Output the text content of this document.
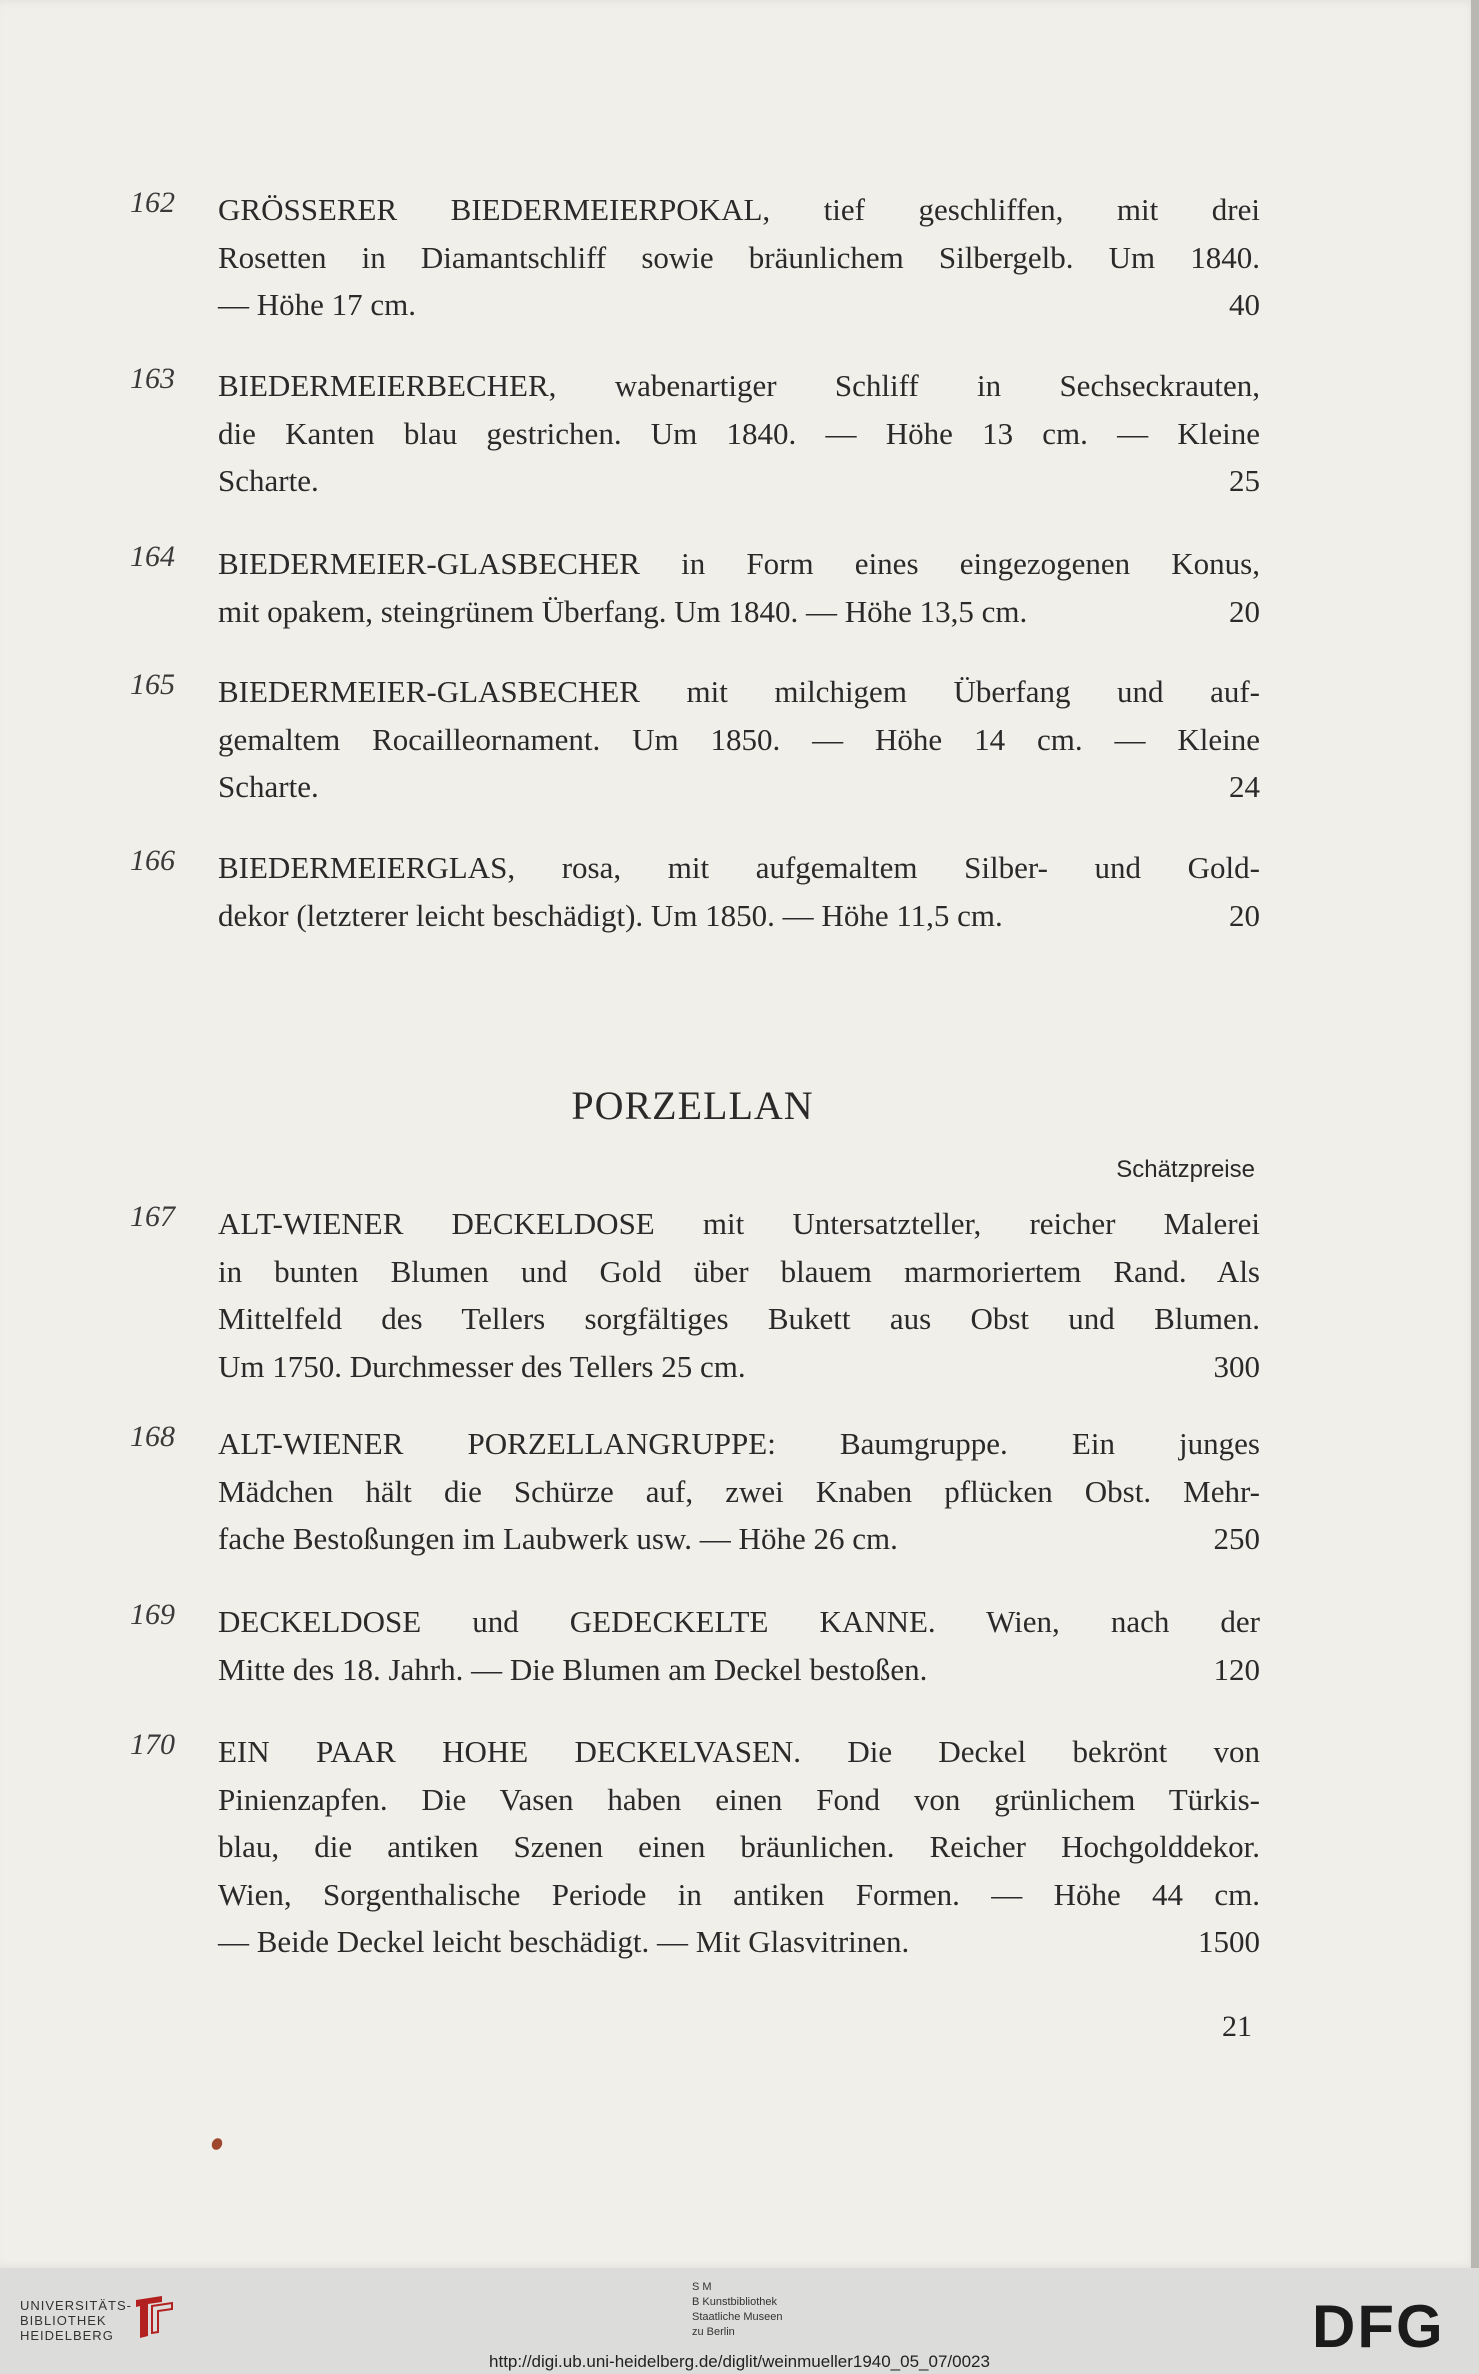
162 GRÖSSERER BIEDERMEIERPOKAL, tief geschliffen, mit drei
Rosetten in Diamantschliff sowie bräunlichem Silbergelb. Um 1840.
— Höhe 17 cm.	40
163 BIEDERMEIERBECHER, wabenartiger Schliff in Sechseckrauten,
die Kanten blau gestrichen. Um 1840. — Höhe 13 cm. — Kleine
Scharte.	25
164 BIEDERMEIER-GLASBECHER in Form eines eingezogenen Konus,
mit opakem, steingrünem Überfang. Um 1840. — Höhe 13,5 cm.	20
165 BIEDERMEIER-GLASBECHER mit milchigem Überfang und auf-
gemaltem Rocailleornament. Um 1850. — Höhe 14 cm. — Kleine
Scharte.	24
166 BIEDERMEIERGLAS, rosa, mit aufgemaltem Silber- und Gold-
dekor (letzterer leicht beschädigt). Um 1850. — Höhe 11,5 cm.	20
167 ALT-WIENER DECKELDOSE mit Untersatzteller, reicher Malerei
in bunten Blumen und Gold über blauem marmoriertem Rand. Als
Mittelfeld des Tellers sorgfältiges Bukett aus Obst und Blumen.
Um 1750. Durchmesser des Tellers 25 cm.	300
168 ALT-WIENER PORZELLANGRUPPE: Baumgruppe. Ein junges
Mädchen hält die Schürze auf, zwei Knaben pflücken Obst. Mehr-
fache Bestoßungen im Laubwerk usw. — Höhe 26 cm.	250
169 DECKELDOSE und GEDECKELTE KANNE. Wien, nach der
Mitte des 18. Jahrh. — Die Blumen am Deckel bestoßen.	120
170 EIN PAAR HOHE DECKELVASEN. Die Deckel bekrönt von
Pinienzapfen. Die Vasen haben einen Fond von grünlichem Türkis-
blau, die antiken Szenen einen bräunlichen. Reicher Hochgolddekor.
Wien, Sorgenthalische Periode in antiken Formen. — Höhe 44 cm.
— Beide Deckel leicht beschädigt. — Mit Glasvitrinen.	1500
PORZELLAN
Schätzpreise
21
UNIVERSITÄTS-
BIBLIOTHEK
HEIDELBERG
S M
B Kunstbibliothek
Staatliche Museen
zu Berlin	DFG
http://digi.ub.uni-heidelberg.de/diglit/weinmueller1940_05_07/0023
